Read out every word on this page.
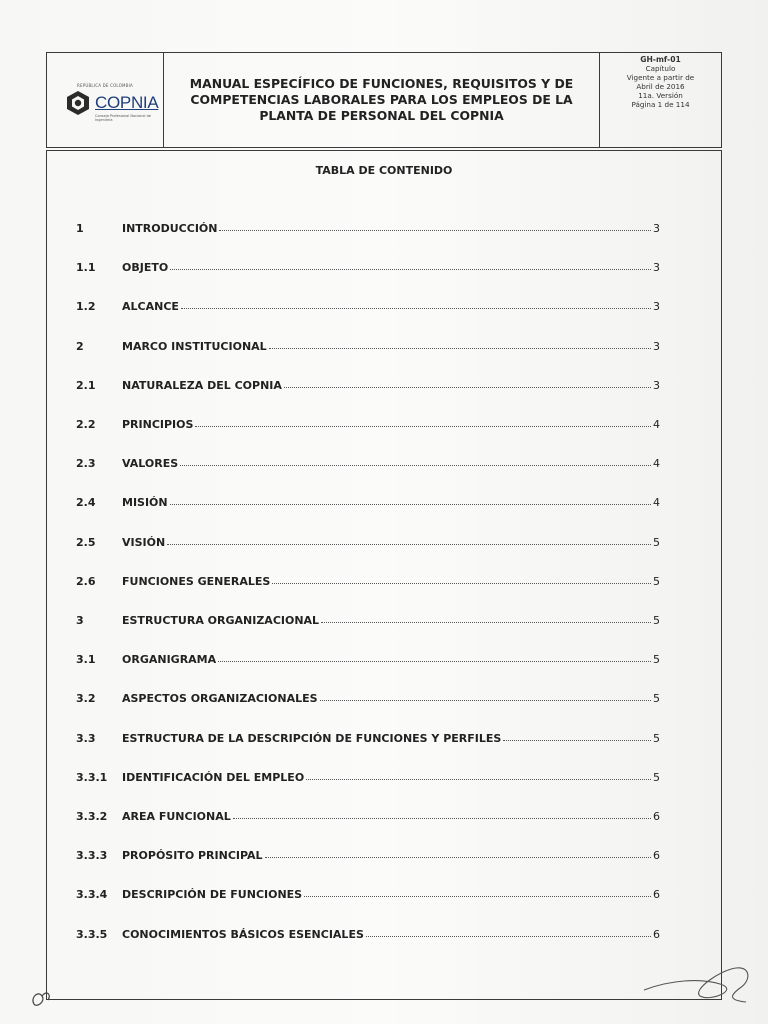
REPÚBLICA DE COLOMBIA
COPNIA
Consejo Profesional Nacional de Ingeniería
MANUAL ESPECÍFICO DE FUNCIONES, REQUISITOS Y DE COMPETENCIAS LABORALES PARA LOS EMPLEOS DE LA PLANTA DE PERSONAL DEL COPNIA
GH-mf-01
Capítulo
Vigente a partir de
Abril de 2016
11a. Versión
Página 1 de 114
TABLA DE CONTENIDO
1	INTRODUCCIÓN	3
1.1	OBJETO	3
1.2	ALCANCE	3
2	MARCO INSTITUCIONAL	3
2.1	NATURALEZA DEL COPNIA	3
2.2	PRINCIPIOS	4
2.3	VALORES	4
2.4	MISIÓN	4
2.5	VISIÓN	5
2.6	FUNCIONES GENERALES	5
3	ESTRUCTURA ORGANIZACIONAL	5
3.1	ORGANIGRAMA	5
3.2	ASPECTOS ORGANIZACIONALES	5
3.3	ESTRUCTURA DE LA DESCRIPCIÓN DE FUNCIONES Y PERFILES	5
3.3.1	IDENTIFICACIÓN DEL EMPLEO	5
3.3.2	AREA FUNCIONAL	6
3.3.3	PROPÓSITO PRINCIPAL	6
3.3.4	DESCRIPCIÓN DE FUNCIONES	6
3.3.5	CONOCIMIENTOS BÁSICOS ESENCIALES	6
